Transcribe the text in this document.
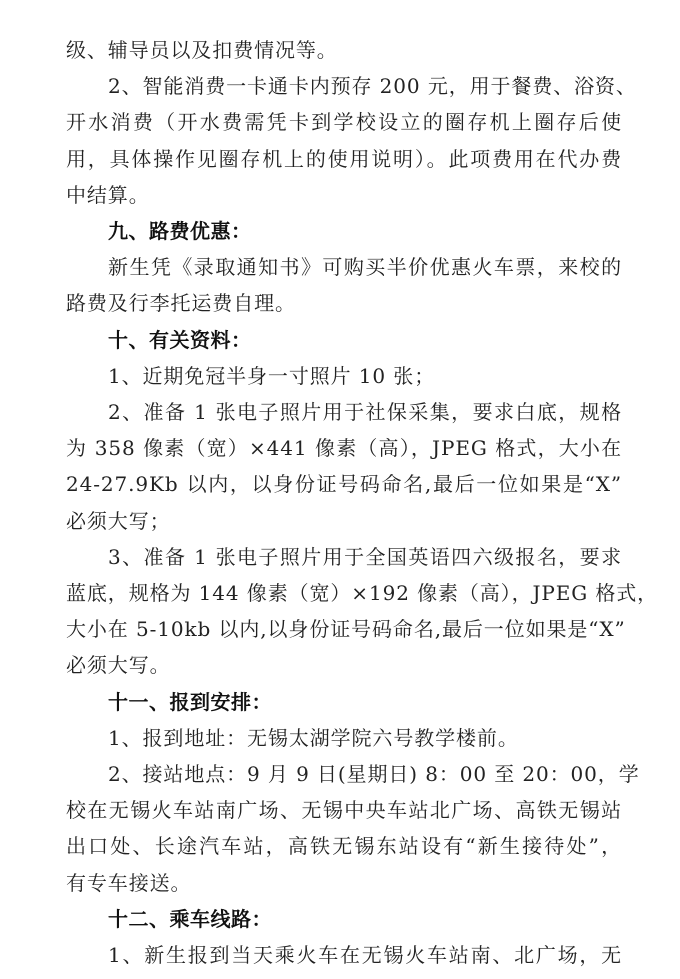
级、辅导员以及扣费情况等。
2、智能消费一卡通卡内预存 200 元，用于餐费、浴资、
开水消费（开水费需凭卡到学校设立的圈存机上圈存后使
用，具体操作见圈存机上的使用说明）。此项费用在代办费
中结算。
九、路费优惠：
新生凭《录取通知书》可购买半价优惠火车票，来校的
路费及行李托运费自理。
十、有关资料：
1、近期免冠半身一寸照片 10 张；
2、准备 1 张电子照片用于社保采集，要求白底，规格
为 358 像素（宽）×441 像素（高），JPEG 格式，大小在
24-27.9Kb 以内，以身份证号码命名,最后一位如果是“X”
必须大写；
3、准备 1 张电子照片用于全国英语四六级报名，要求
蓝底，规格为 144 像素（宽）×192 像素（高），JPEG 格式，
大小在 5-10kb 以内,以身份证号码命名,最后一位如果是“X”
必须大写。
十一、报到安排：
1、报到地址：无锡太湖学院六号教学楼前。
2、接站地点：9 月 9 日(星期日) 8：00 至 20：00，学
校在无锡火车站南广场、无锡中央车站北广场、高铁无锡站
出口处、长途汽车站，高铁无锡东站设有“新生接待处”，
有专车接送。
十二、乘车线路：
1、新生报到当天乘火车在无锡火车站南、北广场，无
